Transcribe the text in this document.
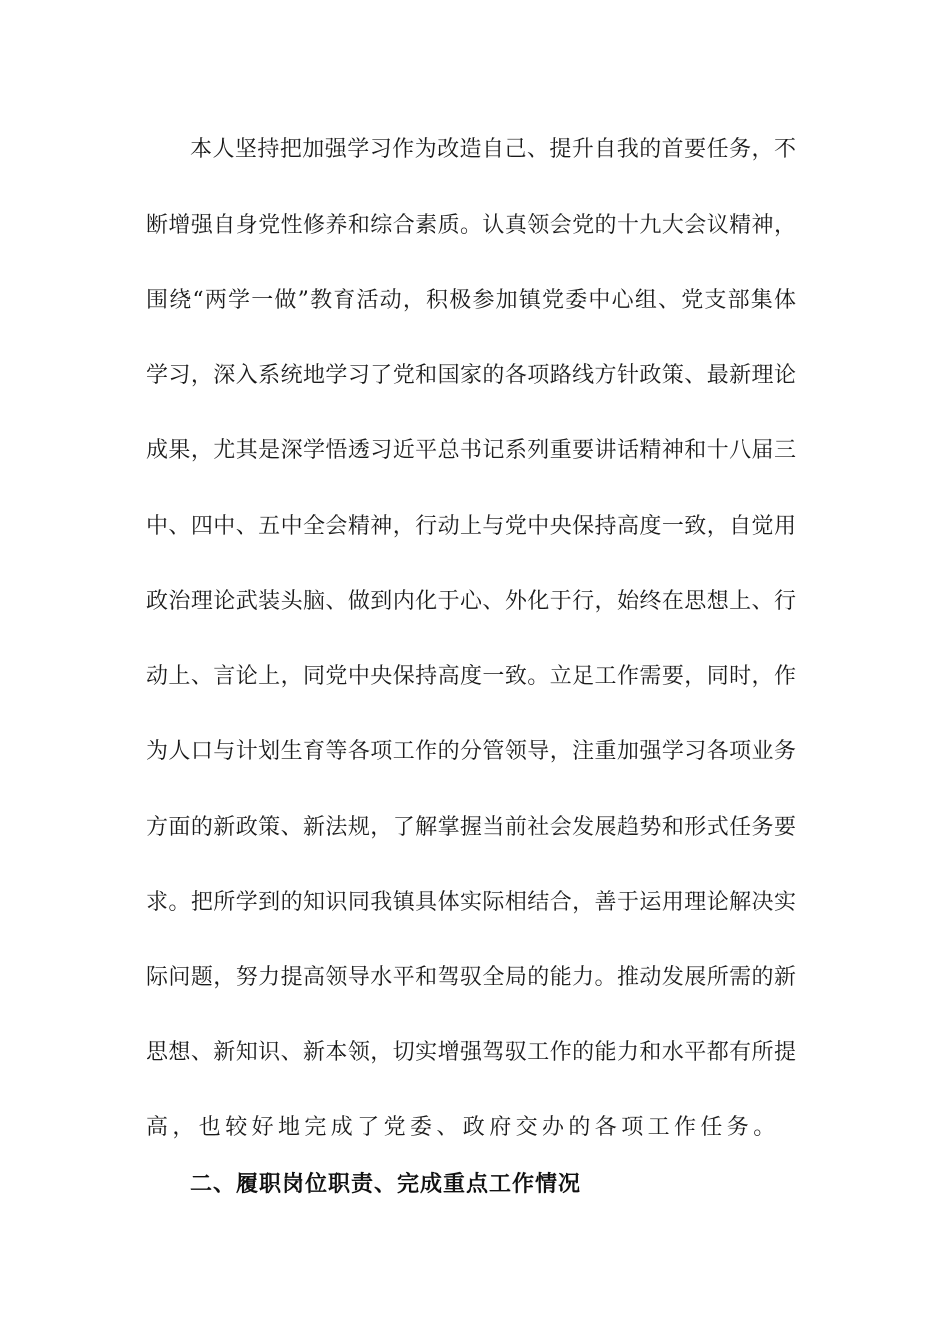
本人坚持把加强学习作为改造自己、提升自我的首要任务，不
断增强自身党性修养和综合素质。认真领会党的十九大会议精神，
围绕“两学一做”教育活动，积极参加镇党委中心组、党支部集体
学习，深入系统地学习了党和国家的各项路线方针政策、最新理论
成果，尤其是深学悟透习近平总书记系列重要讲话精神和十八届三
中、四中、五中全会精神，行动上与党中央保持高度一致，自觉用
政治理论武装头脑、做到内化于心、外化于行，始终在思想上、行
动上、言论上，同党中央保持高度一致。立足工作需要，同时，作
为人口与计划生育等各项工作的分管领导，注重加强学习各项业务
方面的新政策、新法规，了解掌握当前社会发展趋势和形式任务要
求。把所学到的知识同我镇具体实际相结合，善于运用理论解决实
际问题，努力提高领导水平和驾驭全局的能力。推动发展所需的新
思想、新知识、新本领，切实增强驾驭工作的能力和水平都有所提
高，也较好地完成了党委、政府交办的各项工作任务。
二、履职岗位职责、完成重点工作情况
